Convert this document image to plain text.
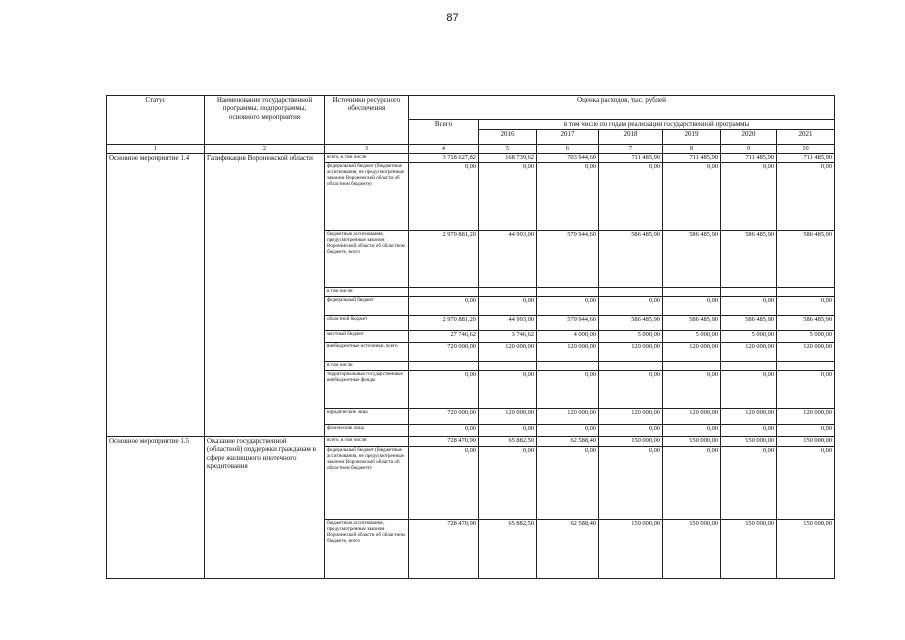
87
Статус	Наименование государственной программы, подпрограммы, основного мероприятия	Источники ресурсного обеспечения	Оценка расходов, тыс. рублей						
			Всего	в том числе по годам реализации государственной программы					
				2016	2017	2018	2019	2020	2021
1	2	3	4	5	6	7	8	9	10
Основное мероприятие 1.4	Газификация Воронежской области	всего, в том числе:	3 718 627,82	168 739,62	703 944,60	711 485,90	711 485,90	711 485,90	711 485,90
		федеральный бюджет (бюджетные ассигнования, не предусмотренные законом Воронежской области об областном бюджете)	0,00	0,00	0,00	0,00	0,00	0,00	0,00
		бюджетные ассигнования, предусмотренные законом Воронежской области об областном бюджете, всего	2 970 881,20	44 993,00	579 944,60	586 485,90	586 485,90	586 485,90	586 485,90
		в том числе:							
		федеральный бюджет	0,00	0,00	0,00	0,00	0,00	0,00	0,00
		областной бюджет	2 970 881,20	44 993,00	579 944,60	586 485,90	586 485,90	586 485,90	586 485,90
		местный бюджет	27 746,62	3 746,62	4 000,00	5 000,00	5 000,00	5 000,00	5 000,00
		внебюджетные источники, всего	720 000,00	120 000,00	120 000,00	120 000,00	120 000,00	120 000,00	120 000,00
		в том числе:							
		территориальные государственные внебюджетные фонды	0,00	0,00	0,00	0,00	0,00	0,00	0,00
		юридические лица	720 000,00	120 000,00	120 000,00	120 000,00	120 000,00	120 000,00	120 000,00
		физические лица	0,00	0,00	0,00	0,00	0,00	0,00	0,00
Основное мероприятие 1.5	Оказание государственной (областной) поддержки гражданам в сфере жилищного ипотечного кредитования	всего, в том числе:	728 470,90	65 882,50	62 588,40	150 000,00	150 000,00	150 000,00	150 000,00
		федеральный бюджет (бюджетные ассигнования, не предусмотренные законом Воронежской области об областном бюджете)	0,00	0,00	0,00	0,00	0,00	0,00	0,00
		бюджетные ассигнования, предусмотренные законом Воронежской области об областном бюджете, всего	728 470,90	65 882,50	62 588,40	150 000,00	150 000,00	150 000,00	150 000,00
